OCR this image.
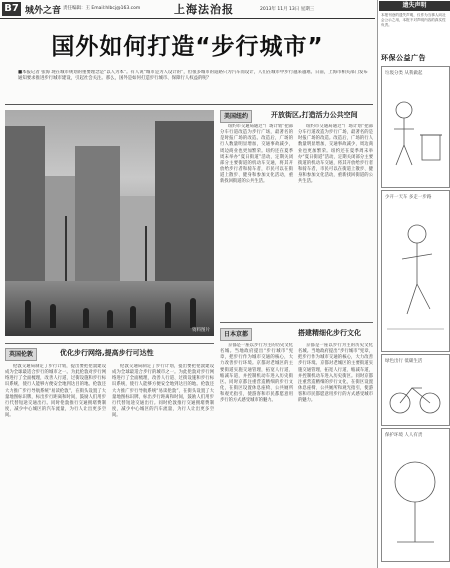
B7 城外之音 责任编辑：王 Email:hlbcj@163.com	上海法治报	2013年 11月 13日 星期三
国外如何打造“步行城市”
■本报记者 张海 现在城市规划的重要理念是“以人为本”。有人说“城市是为人设计的”，但很多城市的道路只为汽车而设计，人们在城市中步行越来越难。日前，上海市相关部门发布通知要求推进步行城市建设，引起社会关注。那么，国外是如何打造步行城市、保障行人权益的呢？
资料图片
英国伦敦	优化步行网络,提高步行可达性

伦敦交通局制定了步行计划，提出要把伦敦建设成为全球最适合步行的城市之一。为此伦敦对步行网络进行了全面梳理，改善人行道、过街设施和步行标识系统，使行人能够方便安全地到达目的地。伦敦还大力推广步行导航系统“易读伦敦”，在街头设置了大量地图标识牌，标出步行距离和时间，鼓励人们用步行代替短途交通出行。同时伦敦推行交通拥堵费制度，减少中心城区的汽车流量，为行人让出更多空间。

伦敦交通局制定了步行计划，提出要把伦敦建设成为全球最适合步行的城市之一。为此伦敦对步行网络进行了全面梳理，改善人行道、过街设施和步行标识系统，使行人能够方便安全地到达目的地。伦敦还大力推广步行导航系统“易读伦敦”，在街头设置了大量地图标识牌，标出步行距离和时间，鼓励人们用步行代替短途交通出行。同时伦敦推行交通拥堵费制度，减少中心城区的汽车流量，为行人让出更多空间。

美国纽约	开放街区,打造活力公共空间

纽约市交通局通过“广场计划”把部分车行道改造为步行广场，最著名的是时报广场的改造。改造后，广场的行人数量明显增加，交通事故减少，周边商业也更加繁荣。纽约还在夏季周末举办“夏日街道”活动，定期关闭部分主要街道的机动车交通，将其开放给步行者和骑车者，市民可以在街道上散步、健身和参加文化活动，重新找回街道的公共生活。

纽约市交通局通过“广场计划”把部分车行道改造为步行广场，最著名的是时报广场的改造。改造后，广场的行人数量明显增加，交通事故减少，周边商业也更加繁荣。纽约还在夏季周末举办“夏日街道”活动，定期关闭部分主要街道的机动车交通，将其开放给步行者和骑车者，市民可以在街道上散步、健身和参加文化活动，重新找回街道的公共生活。

日本京都	搭建精细化步行文化

京都是一座以步行为主的历史文化名城。当地政府提出“步行城市”宪章，把步行作为城市交通的核心，大力改善步行环境。京都对老城区的主要街道实施交通管理，拓宽人行道、缩减车道，并控制机动车进入历史街区。同时京都注重营造精细的步行文化，在街区设置休息座椅、公共厕所和观光指引，使游客和市民都愿意用步行的方式感受城市的魅力。

京都是一座以步行为主的历史文化名城。当地政府提出“步行城市”宪章，把步行作为城市交通的核心，大力改善步行环境。京都对老城区的主要街道实施交通管理，拓宽人行道、缩减车道，并控制机动车进入历史街区。同时京都注重营造精细的步行文化，在街区设置休息座椅、公共厕所和观光指引，使游客和市民都愿意用步行的方式感受城市的魅力。

遗失声明
本报刊登的遗失声明，仅作为当事人向社会公示之用，本报不对声明内容的真实性负责。
环保公益广告
垃圾分类 从我做起
少开一天车 多走一步路
绿色出行 低碳生活
保护环境 人人有责
